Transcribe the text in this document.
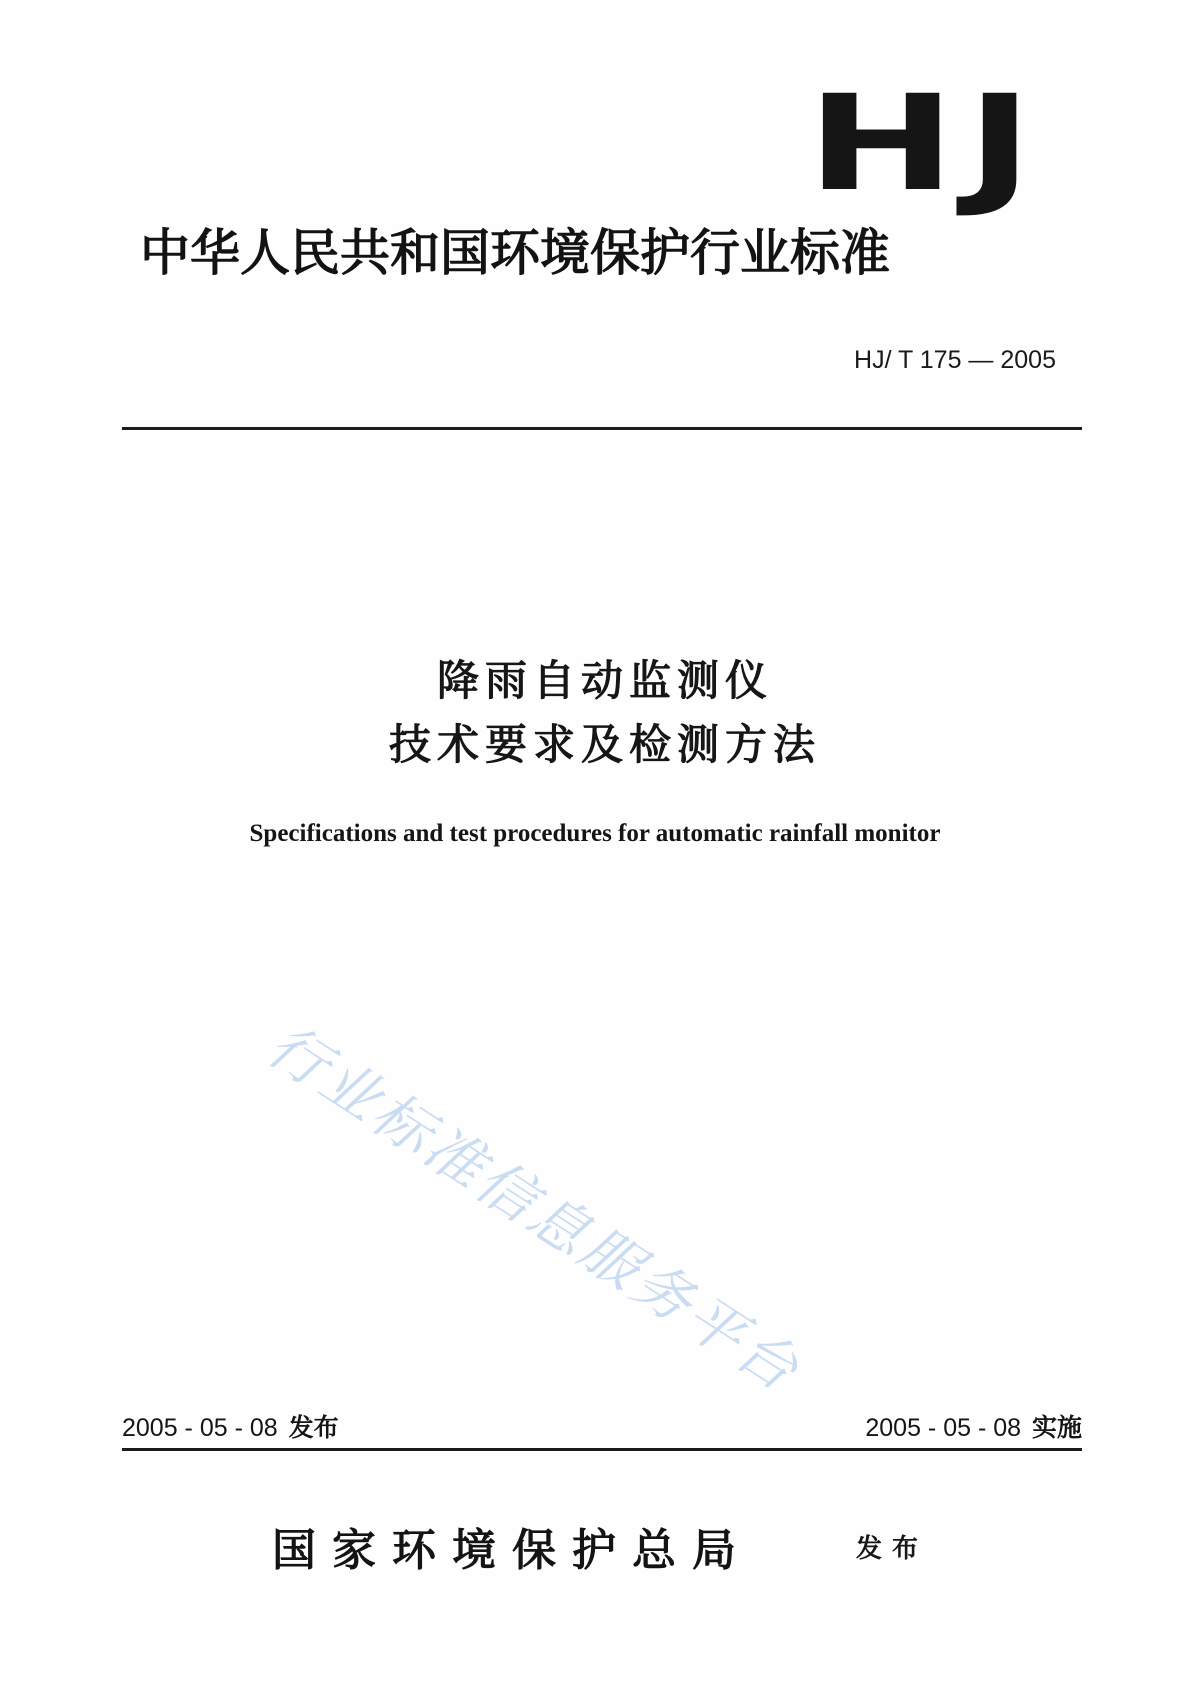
HJ
中华人民共和国环境保护行业标准
HJ/ T 175 — 2005
降雨自动监测仪
技术要求及检测方法
Specifications and test procedures for automatic rainfall monitor
行业标准信息服务平台
2005 - 05 - 08 发布	2005 - 05 - 08 实施
国家环境保护总局	发布
